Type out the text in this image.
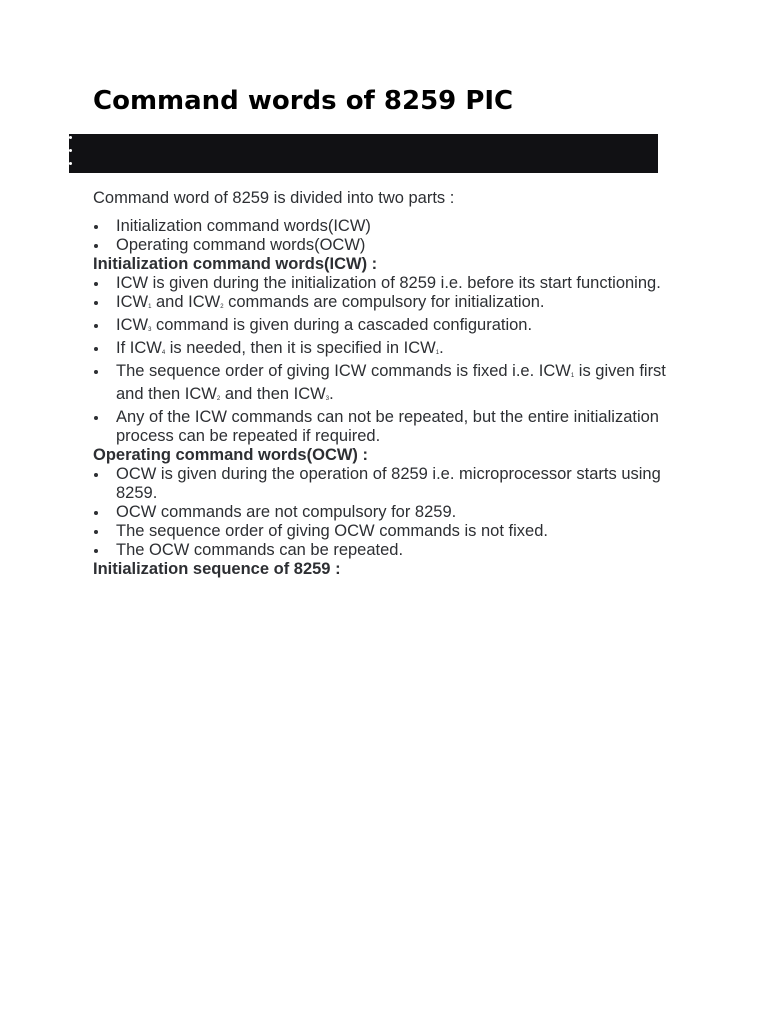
Command words of 8259 PIC

Command word of 8259 is divided into two parts :

Initialization command words(ICW)
Operating command words(OCW)

Initialization command words(ICW) :

ICW is given during the initialization of 8259 i.e. before its start functioning.
$ICW_1$ and $ICW_2$ commands are compulsory for initialization.
$ICW_3$ command is given during a cascaded configuration.
If $ICW_4$ is needed, then it is specified in $ICW_1$.
The sequence order of giving ICW commands is fixed i.e. $ICW_1$ is given first and then $ICW_2$ and then $ICW_3$.
Any of the ICW commands can not be repeated, but the entire initialization process can be repeated if required.

Operating command words(OCW) :

OCW is given during the operation of 8259 i.e. microprocessor starts using 8259.
OCW commands are not compulsory for 8259.
The sequence order of giving OCW commands is not fixed.
The OCW commands can be repeated.

Initialization sequence of 8259 :
